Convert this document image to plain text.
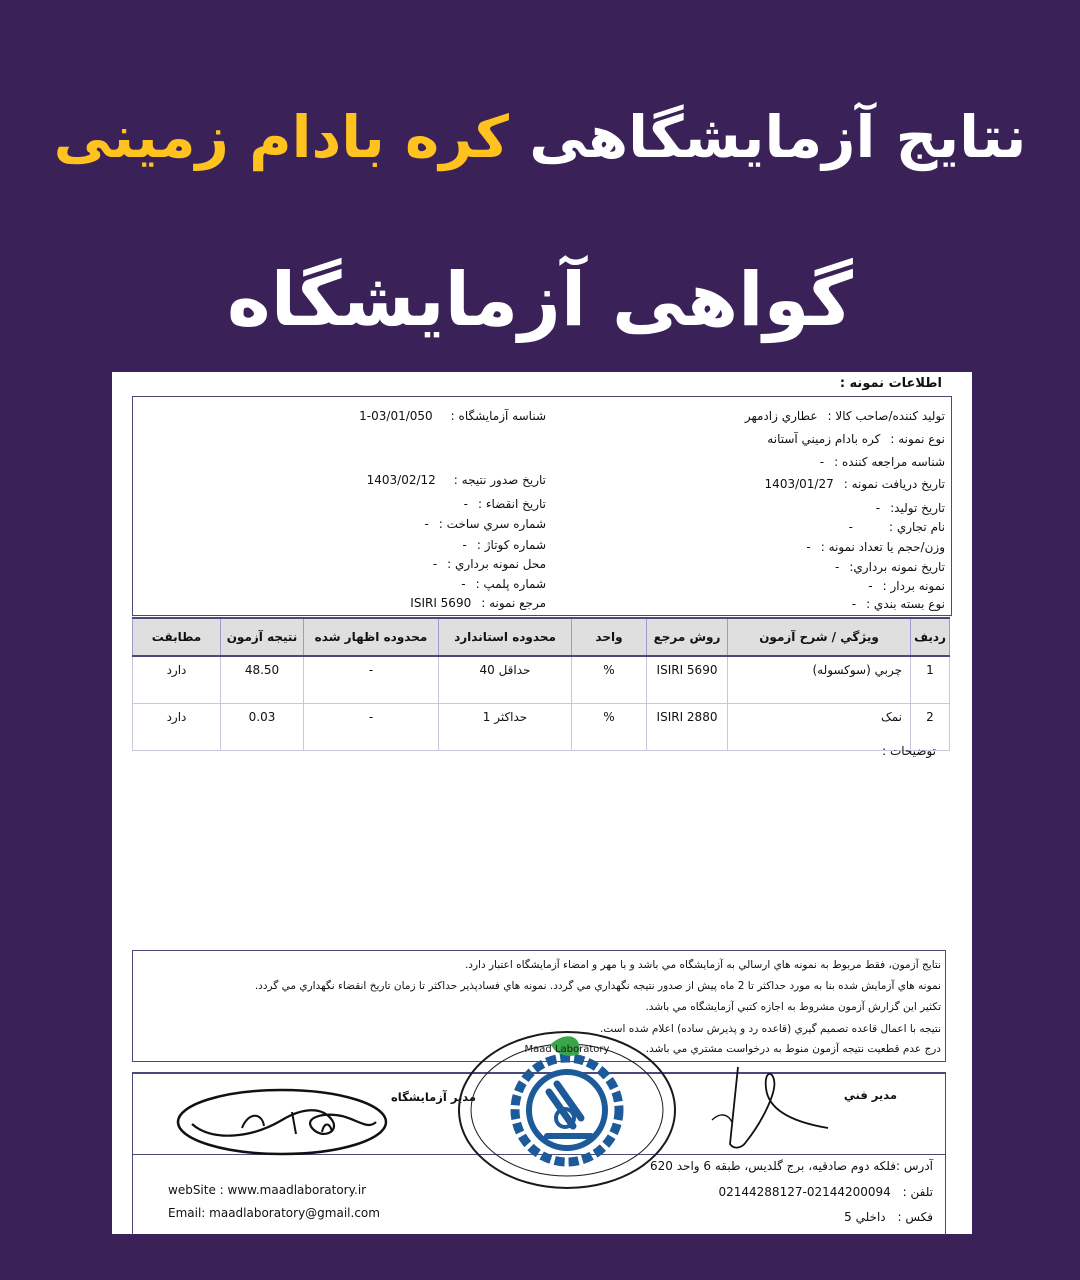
نتایج آزمایشگاهی کره بادام زمینی
گواهی آزمایشگاه
اطلاعات نمونه :
تولید کننده/صاحب کالا :عطاري زادمهر
نوع نمونه :کره بادام زميني آستانه
شناسه مراجعه کننده :-
تاریخ دریافت نمونه :1403/01/27
تاریخ تولید:-
نام تجاري :-
وزن/حجم یا تعداد نمونه :-
تاریخ نمونه برداري:-
نمونه بردار :-
نوع بسته بندي :-
شناسه آزمايشگاه :03/01/050-1
تاریخ صدور نتيجه :1403/02/12
تاریخ انقضاء :-
شماره سري ساخت :-
شماره کوتاژ :-
محل نمونه برداري :-
شماره پلمپ :-
مرجع نمونه :ISIRI 5690
رديف	ويژگي / شرح آزمون	روش مرجع	واحد	محدوده استاندارد	محدوده اظهار شده	نتيجه آزمون	مطابقت
1	چربي (سوکسوله)	ISIRI 5690	%	حداقل 40	-	48.50	دارد
2	نمک	ISIRI 2880	%	حداکثر 1	-	0.03	دارد
توضيحات :
نتايج آزمون، فقط مربوط به نمونه هاي ارسالي به آزمايشگاه مي باشد و با مهر و امضاء آزمايشگاه اعتبار دارد.
نمونه هاي آزمايش شده بنا به مورد حداکثر تا 2 ماه پيش از صدور نتيجه نگهداري مي گردد. نمونه هاي فسادپذير حداکثر تا زمان تاريخ انقضاء نگهداري مي گردد.
تکثير اين گزارش آزمون مشروط به اجازه کتبي آزمايشگاه مي باشد.
نتيجه با اعمال قاعده تصميم گيري (قاعده رد و پذيرش ساده) اعلام شده است.
درج عدم قطعيت نتيجه آزمون منوط به درخواست مشتري مي باشد.
مدير فني
مدير آزمايشگاه
آدرس :فلکه دوم صادقيه، برج گلديس، طبقه 6 واحد 620
تلفن : 02144200094-02144288127
فکس : داخلي 5
webSite : www.maadlaboratory.ir
Email: maadlaboratory@gmail.com
Maad Laboratory
